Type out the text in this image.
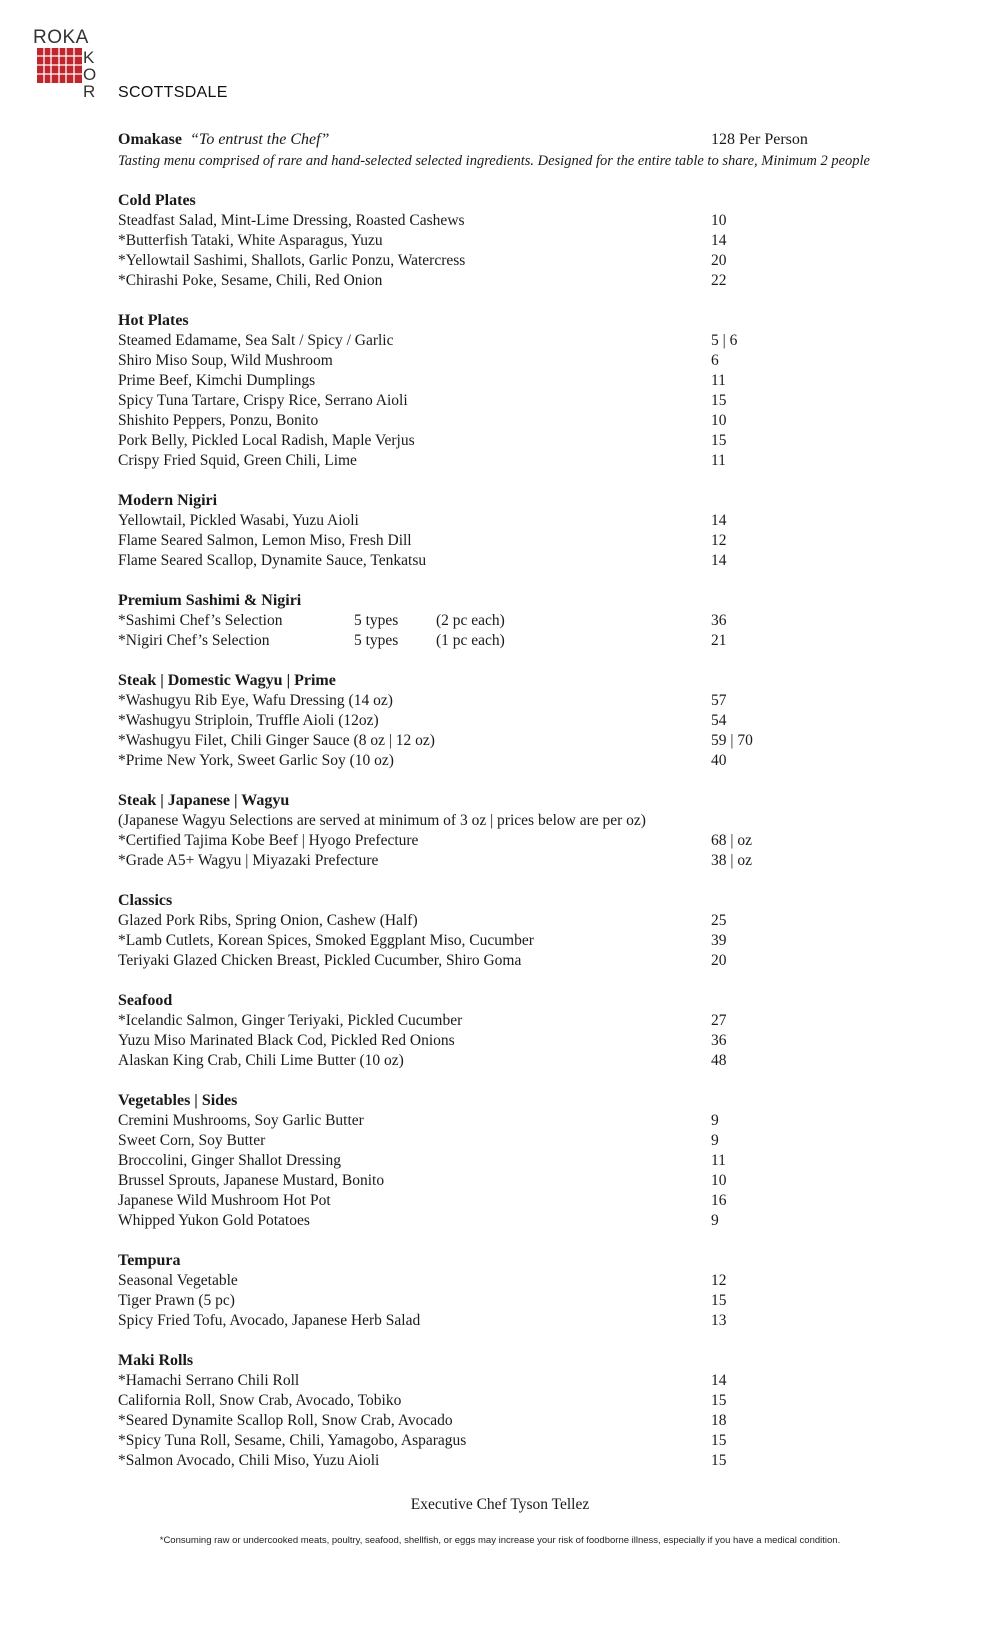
ROKA
K
O
R SCOTTSDALE
Omakase “To entrust the Chef”	128 Per Person
Tasting menu comprised of rare and hand-selected selected ingredients. Designed for the entire table to share, Minimum 2 people
Cold Plates
Steadfast Salad, Mint-Lime Dressing, Roasted Cashews	10
*Butterfish Tataki, White Asparagus, Yuzu	14
*Yellowtail Sashimi, Shallots, Garlic Ponzu, Watercress	20
*Chirashi Poke, Sesame, Chili, Red Onion	22
Hot Plates
Steamed Edamame, Sea Salt / Spicy / Garlic	5 | 6
Shiro Miso Soup, Wild Mushroom	6
Prime Beef, Kimchi Dumplings	11
Spicy Tuna Tartare, Crispy Rice, Serrano Aioli	15
Shishito Peppers, Ponzu, Bonito	10
Pork Belly, Pickled Local Radish, Maple Verjus	15
Crispy Fried Squid, Green Chili, Lime	11
Modern Nigiri
Yellowtail, Pickled Wasabi, Yuzu Aioli	14
Flame Seared Salmon, Lemon Miso, Fresh Dill	12
Flame Seared Scallop, Dynamite Sauce, Tenkatsu	14
Premium Sashimi & Nigiri
*Sashimi Chef’s Selection	5 types (2 pc each)	36
*Nigiri Chef’s Selection	5 types (1 pc each)	21
Steak | Domestic Wagyu | Prime
*Washugyu Rib Eye, Wafu Dressing (14 oz)	57
*Washugyu Striploin, Truffle Aioli (12oz)	54
*Washugyu Filet, Chili Ginger Sauce (8 oz | 12 oz)	59 | 70
*Prime New York, Sweet Garlic Soy (10 oz)	40
Steak | Japanese | Wagyu
(Japanese Wagyu Selections are served at minimum of 3 oz | prices below are per oz)
*Certified Tajima Kobe Beef | Hyogo Prefecture	68 | oz
*Grade A5+ Wagyu | Miyazaki Prefecture	38 | oz
Classics
Glazed Pork Ribs, Spring Onion, Cashew (Half)	25
*Lamb Cutlets, Korean Spices, Smoked Eggplant Miso, Cucumber	39
Teriyaki Glazed Chicken Breast, Pickled Cucumber, Shiro Goma	20
Seafood
*Icelandic Salmon, Ginger Teriyaki, Pickled Cucumber	27
Yuzu Miso Marinated Black Cod, Pickled Red Onions	36
Alaskan King Crab, Chili Lime Butter (10 oz)	48
Vegetables | Sides
Cremini Mushrooms, Soy Garlic Butter	9
Sweet Corn, Soy Butter	9
Broccolini, Ginger Shallot Dressing	11
Brussel Sprouts, Japanese Mustard, Bonito	10
Japanese Wild Mushroom Hot Pot	16
Whipped Yukon Gold Potatoes	9
Tempura
Seasonal Vegetable	12
Tiger Prawn (5 pc)	15
Spicy Fried Tofu, Avocado, Japanese Herb Salad	13
Maki Rolls
*Hamachi Serrano Chili Roll	14
California Roll, Snow Crab, Avocado, Tobiko	15
*Seared Dynamite Scallop Roll, Snow Crab, Avocado	18
*Spicy Tuna Roll, Sesame, Chili, Yamagobo, Asparagus	15
*Salmon Avocado, Chili Miso, Yuzu Aioli	15
Executive Chef Tyson Tellez
*Consuming raw or undercooked meats, poultry, seafood, shellfish, or eggs may increase your risk of foodborne illness, especially if you have a medical condition.
